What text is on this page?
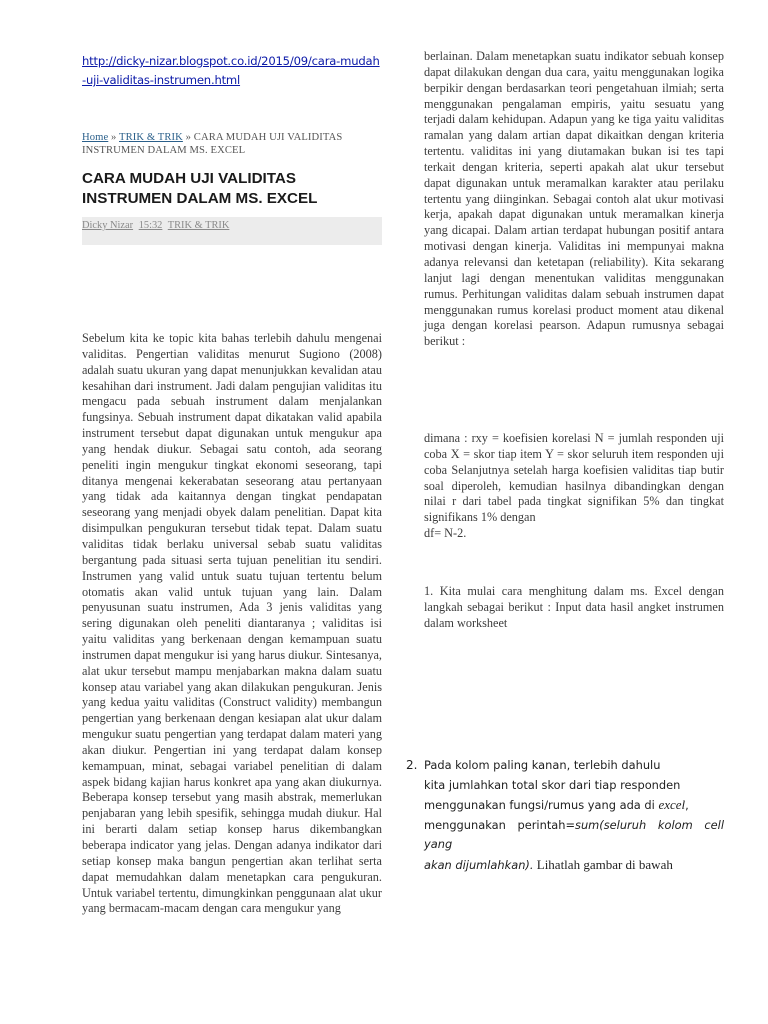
http://dicky-nizar.blogspot.co.id/2015/09/cara-mudah-uji-validitas-instrumen.html
Home » TRIK & TRIK » CARA MUDAH UJI VALIDITAS INSTRUMEN DALAM MS. EXCEL
CARA MUDAH UJI VALIDITAS INSTRUMEN DALAM MS. EXCEL
Dicky Nizar 15:32 TRIK & TRIK

Sebelum kita ke topic kita bahas terlebih dahulu mengenai validitas. Pengertian validitas menurut Sugiono (2008) adalah suatu ukuran yang dapat menunjukkan kevalidan atau kesahihan dari instrument. Jadi dalam pengujian validitas itu mengacu pada sebuah instrument dalam menjalankan fungsinya. Sebuah instrument dapat dikatakan valid apabila instrument tersebut dapat digunakan untuk mengukur apa yang hendak diukur. Sebagai satu contoh, ada seorang peneliti ingin mengukur tingkat ekonomi seseorang, tapi ditanya mengenai kekerabatan seseorang atau pertanyaan yang tidak ada kaitannya dengan tingkat pendapatan seseorang yang menjadi obyek dalam penelitian. Dapat kita disimpulkan pengukuran tersebut tidak tepat. Dalam suatu validitas tidak berlaku universal sebab suatu validitas bergantung pada situasi serta tujuan penelitian itu sendiri. Instrumen yang valid untuk suatu tujuan tertentu belum otomatis akan valid untuk tujuan yang lain. Dalam penyusunan suatu instrumen, Ada 3 jenis validitas yang sering digunakan oleh peneliti diantaranya ; validitas isi yaitu validitas yang berkenaan dengan kemampuan suatu instrumen dapat mengukur isi yang harus diukur. Sintesanya, alat ukur tersebut mampu menjabarkan makna dalam suatu konsep atau variabel yang akan dilakukan pengukuran. Jenis yang kedua yaitu validitas (Construct validity) membangun pengertian yang berkenaan dengan kesiapan alat ukur dalam mengukur suatu pengertian yang terdapat dalam materi yang akan diukur. Pengertian ini yang terdapat dalam konsep kemampuan, minat, sebagai variabel penelitian di dalam aspek bidang kajian harus konkret apa yang akan diukurnya. Beberapa konsep tersebut yang masih abstrak, memerlukan penjabaran yang lebih spesifik, sehingga mudah diukur. Hal ini berarti dalam setiap konsep harus dikembangkan beberapa indicator yang jelas. Dengan adanya indikator dari setiap konsep maka bangun pengertian akan terlihat serta dapat memudahkan dalam menetapkan cara pengukuran. Untuk variabel tertentu, dimungkinkan penggunaan alat ukur yang bermacam-macam dengan cara mengukur yang

berlainan. Dalam menetapkan suatu indikator sebuah konsep dapat dilakukan dengan dua cara, yaitu menggunakan logika berpikir dengan berdasarkan teori pengetahuan ilmiah; serta menggunakan pengalaman empiris, yaitu sesuatu yang terjadi dalam kehidupan. Adapun yang ke tiga yaitu validitas ramalan yang dalam artian dapat dikaitkan dengan kriteria tertentu. validitas ini yang diutamakan bukan isi tes tapi terkait dengan kriteria, seperti apakah alat ukur tersebut dapat digunakan untuk meramalkan karakter atau perilaku tertentu yang diinginkan. Sebagai contoh alat ukur motivasi kerja, apakah dapat digunakan untuk meramalkan kinerja yang dicapai. Dalam artian terdapat hubungan positif antara motivasi dengan kinerja. Validitas ini mempunyai makna adanya relevansi dan ketetapan (reliability). Kita sekarang lanjut lagi dengan menentukan validitas menggunakan rumus. Perhitungan validitas dalam sebuah instrumen dapat menggunakan rumus korelasi product moment atau dikenal juga dengan korelasi pearson. Adapun rumusnya sebagai berikut :

dimana : rxy = koefisien korelasi N = jumlah responden uji coba X = skor tiap item Y = skor seluruh item responden uji coba Selanjutnya setelah harga koefisien validitas tiap butir soal diperoleh, kemudian hasilnya dibandingkan dengan nilai r dari tabel pada tingkat signifikan 5% dan tingkat signifikans 1% dengan

df= N-2.

1. Kita mulai cara menghitung dalam ms. Excel dengan langkah sebagai berikut : Input data hasil angket instrumen dalam worksheet

2. Pada kolom paling kanan, terlebih dahulu
kita jumlahkan total skor dari tiap responden
menggunakan fungsi/rumus yang ada di excel,
menggunakan perintah=sum(seluruh kolom cell yang
akan dijumlahkan). Lihatlah gambar di bawah
